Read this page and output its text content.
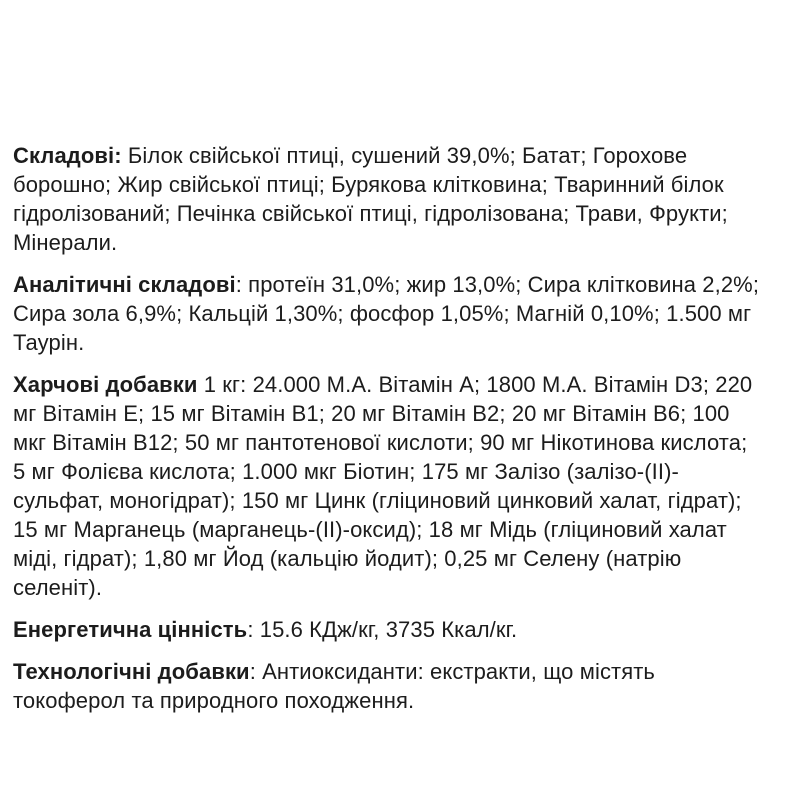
Складові: Білок свійської птиці, сушений 39,0%; Батат; Горохове борошно; Жир свійської птиці; Бурякова клітковина; Тваринний білок гідролізований; Печінка свійської птиці, гідролізована; Трави, Фрукти; Мінерали.

Аналітичні складові: протеїн 31,0%; жир 13,0%; Сира клітковина 2,2%; Сира зола 6,9%; Кальцій 1,30%; фосфор 1,05%; Магній 0,10%; 1.500 мг Таурін.

Харчові добавки 1 кг: 24.000 М.А. Вітамін А; 1800 М.А. Вітамін D3; 220 мг Вітамін Е; 15 мг Вітамін В1; 20 мг Вітамін В2; 20 мг Вітамін В6; 100 мкг Вітамін В12; 50 мг пантотенової кислоти; 90 мг Нікотинова кислота; 5 мг Фолієва кислота; 1.000 мкг Біотин; 175 мг Залізо (залізо-(II)-сульфат, моногідрат); 150 мг Цинк (гліциновий цинковий халат, гідрат); 15 мг Марганець (марганець-(II)-оксид); 18 мг Мідь (гліциновий халат міді, гідрат); 1,80 мг Йод (кальцію йодит); 0,25 мг Селену (натрію селеніт).

Енергетична цінність: 15.6 КДж/кг, 3735 Ккал/кг.

Технологічні добавки: Антиоксиданти: екстракти, що містять токоферол та природного походження.
